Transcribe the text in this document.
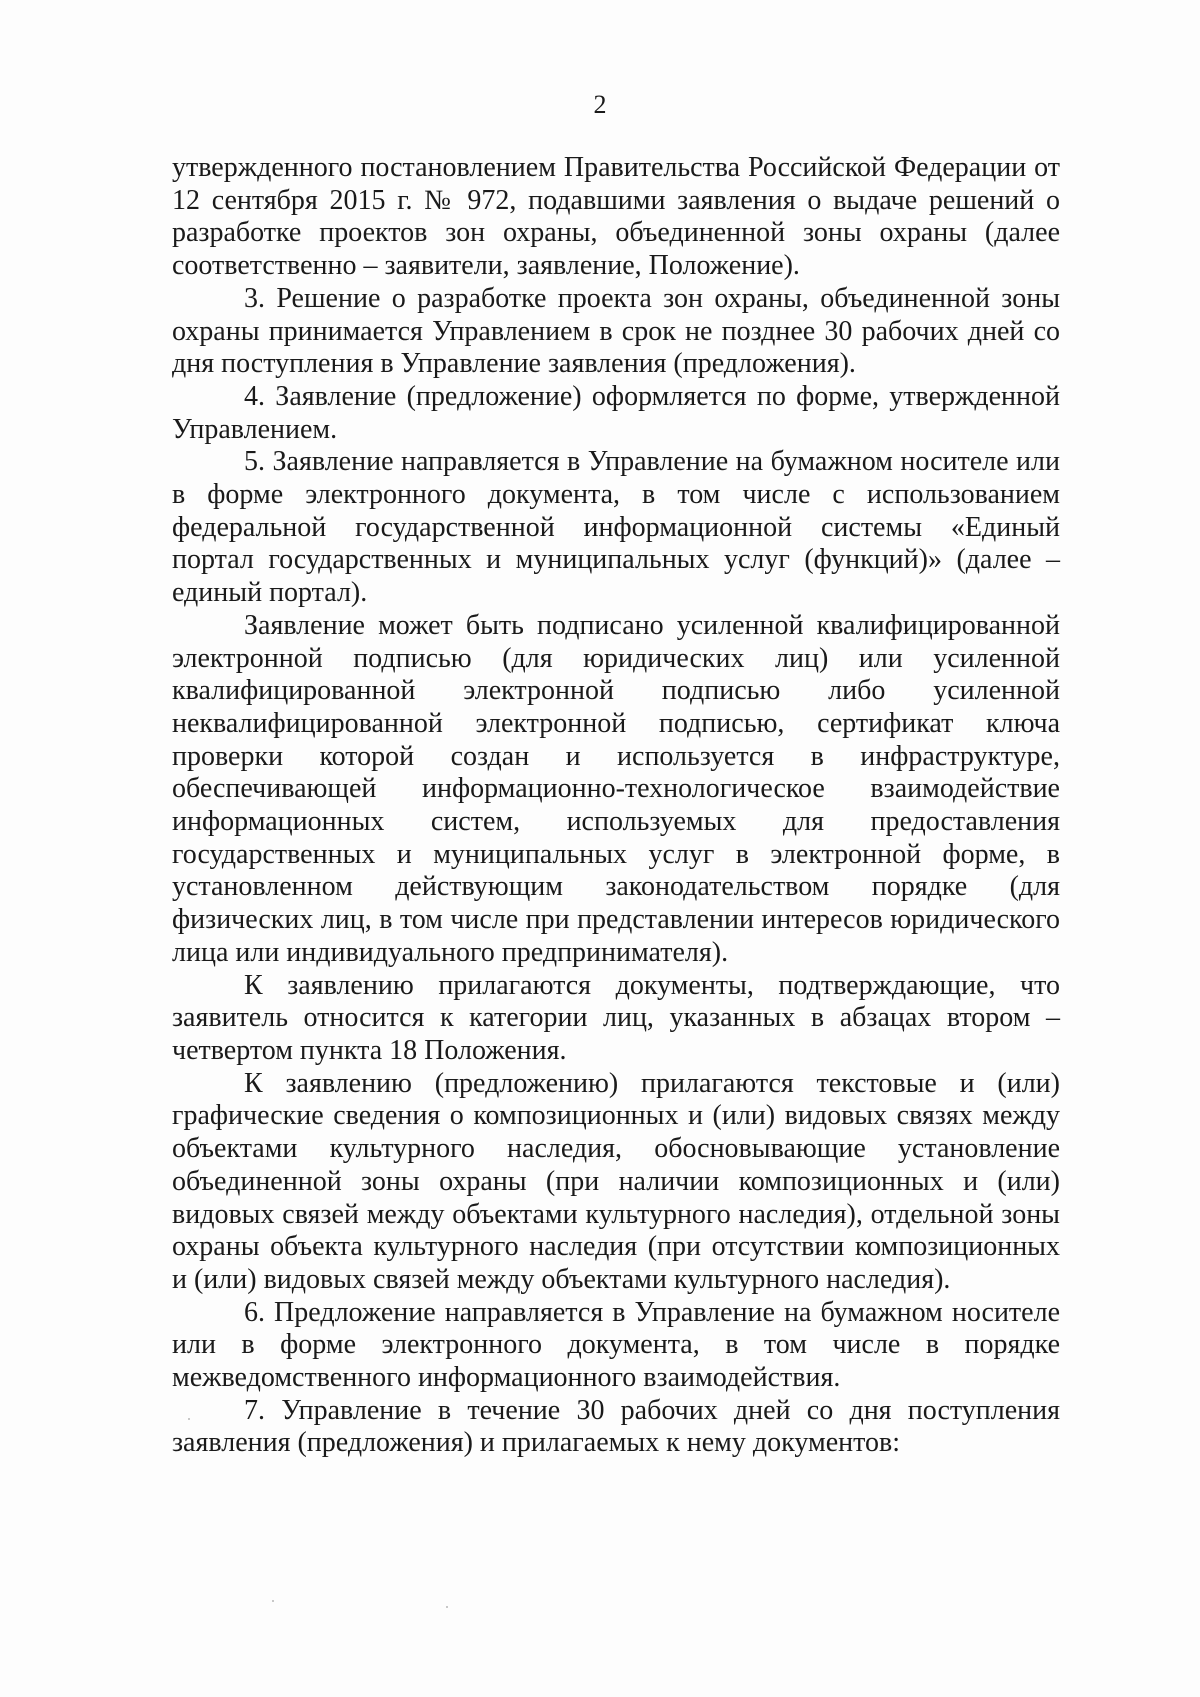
2

утвержденного постановлением Правительства Российской Федерации от 12 сентября 2015 г. № 972, подавшими заявления о выдаче решений о разработке проектов зон охраны, объединенной зоны охраны (далее соответственно – заявители, заявление, Положение).

3. Решение о разработке проекта зон охраны, объединенной зоны охраны принимается Управлением в срок не позднее 30 рабочих дней со дня поступления в Управление заявления (предложения).

4. Заявление (предложение) оформляется по форме, утвержденной Управлением.

5. Заявление направляется в Управление на бумажном носителе или в форме электронного документа, в том числе с использованием федеральной государственной информационной системы «Единый портал государственных и муниципальных услуг (функций)» (далее – единый портал).

Заявление может быть подписано усиленной квалифицированной электронной подписью (для юридических лиц) или усиленной квалифицированной электронной подписью либо усиленной неквалифицированной электронной подписью, сертификат ключа проверки которой создан и используется в инфраструктуре, обеспечивающей информационно-технологическое взаимодействие информационных систем, используемых для предоставления государственных и муниципальных услуг в электронной форме, в установленном действующим законодательством порядке (для физических лиц, в том числе при представлении интересов юридического лица или индивидуального предпринимателя).

К заявлению прилагаются документы, подтверждающие, что заявитель относится к категории лиц, указанных в абзацах втором – четвертом пункта 18 Положения.

К заявлению (предложению) прилагаются текстовые и (или) графические сведения о композиционных и (или) видовых связях между объектами культурного наследия, обосновывающие установление объединенной зоны охраны (при наличии композиционных и (или) видовых связей между объектами культурного наследия), отдельной зоны охраны объекта культурного наследия (при отсутствии композиционных и (или) видовых связей между объектами культурного наследия).

6. Предложение направляется в Управление на бумажном носителе или в форме электронного документа, в том числе в порядке межведомственного информационного взаимодействия.

7. Управление в течение 30 рабочих дней со дня поступления заявления (предложения) и прилагаемых к нему документов:
